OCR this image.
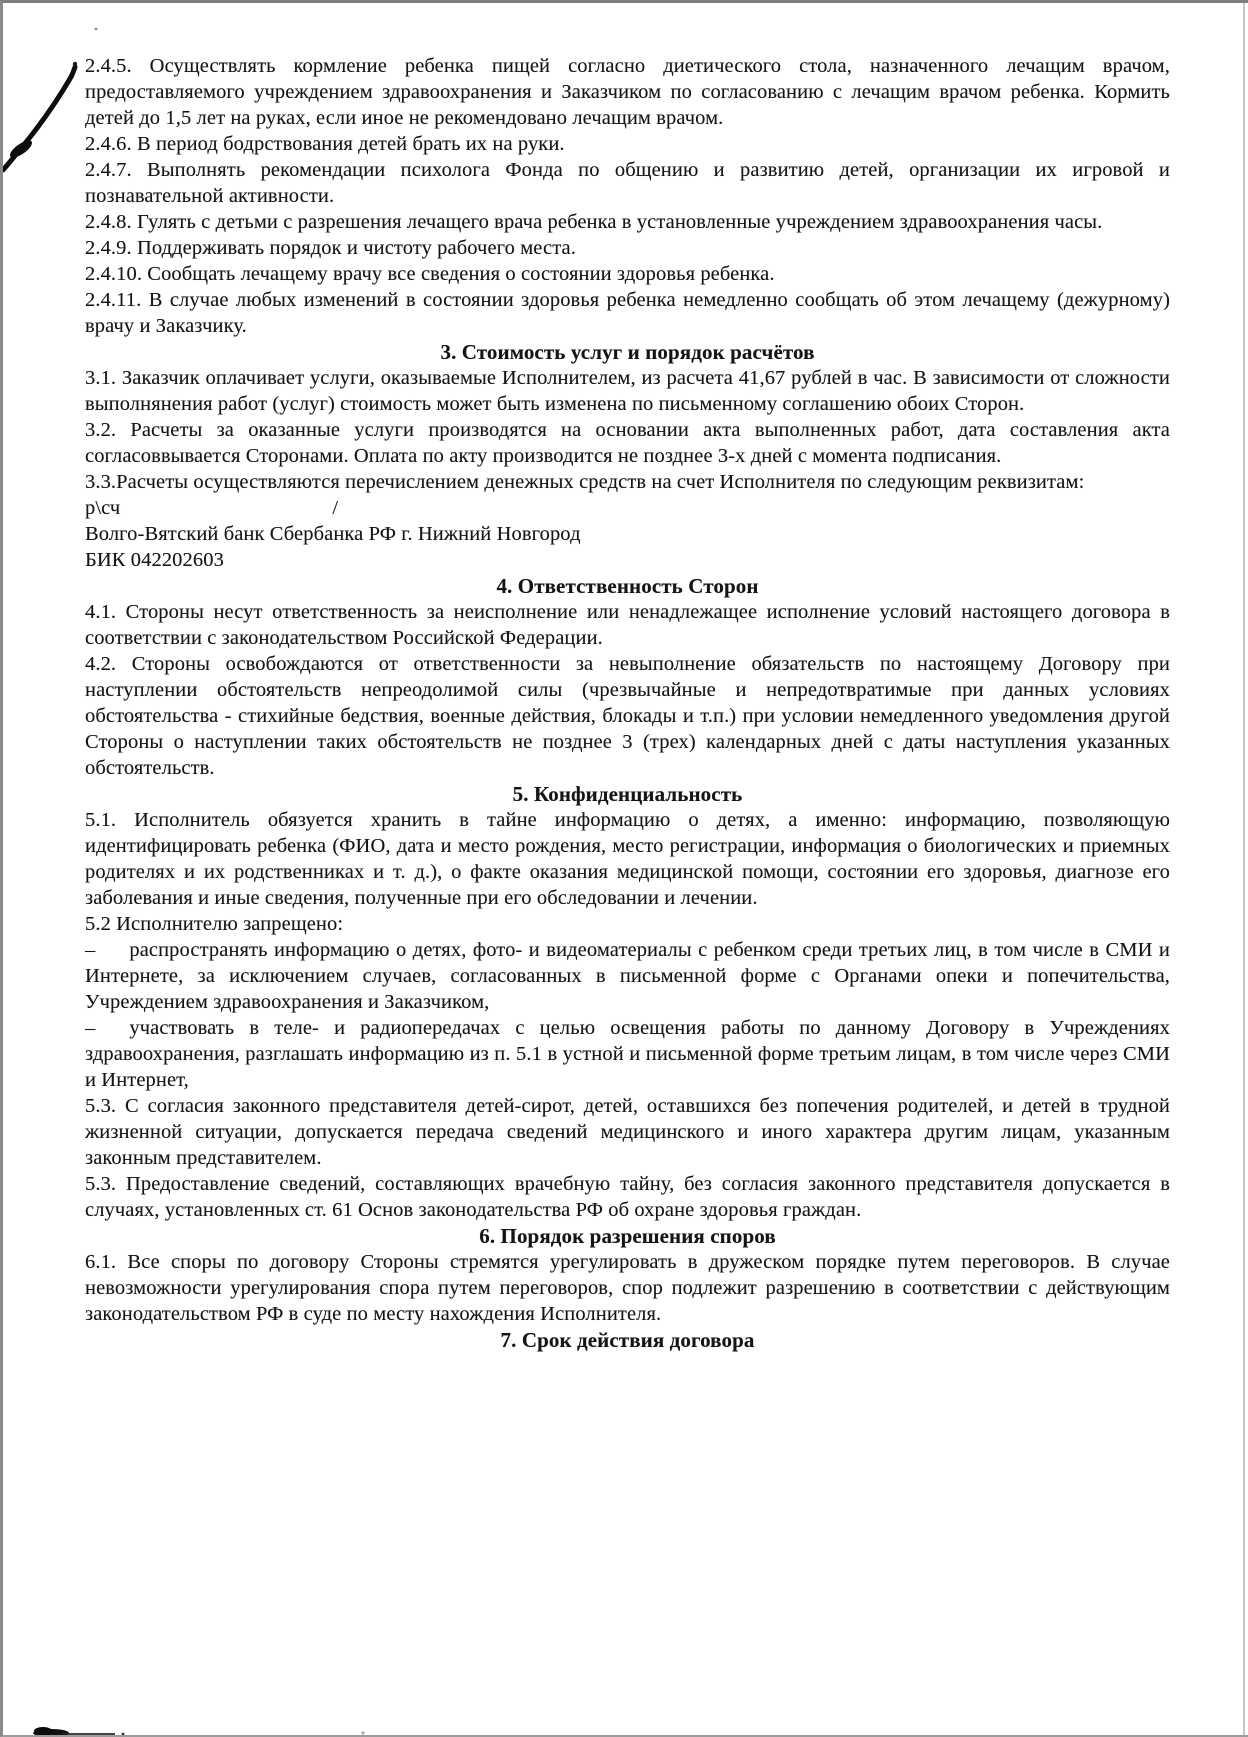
2.4.5. Осуществлять кормление ребенка пищей согласно диетического стола, назначенного лечащим врачом, предоставляемого учреждением здравоохранения и Заказчиком по согласованию с лечащим врачом ребенка. Кормить детей до 1,5 лет на руках, если иное не рекомендовано лечащим врачом.

2.4.6. В период бодрствования детей брать их на руки.

2.4.7. Выполнять рекомендации психолога Фонда по общению и развитию детей, организации их игровой и познавательной активности.

2.4.8. Гулять с детьми с разрешения лечащего врача ребенка в установленные учреждением здравоохранения часы.

2.4.9. Поддерживать порядок и чистоту рабочего места.

2.4.10. Сообщать лечащему врачу все сведения о состоянии здоровья ребенка.

2.4.11. В случае любых изменений в состоянии здоровья ребенка немедленно сообщать об этом лечащему (дежурному) врачу и Заказчику.

3. Стоимость услуг и порядок расчётов

3.1. Заказчик оплачивает услуги, оказываемые Исполнителем, из расчета 41,67 рублей в час. В зависимости от сложности выполнянения работ (услуг) стоимость может быть изменена по письменному соглашению обоих Сторон.

3.2. Расчеты за оказанные услуги производятся на основании акта выполненных работ, дата составления акта согласоввывается Сторонами. Оплата по акту производится не позднее 3-х дней с момента подписания.

3.3.Расчеты осуществляются перечислением денежных средств на счет Исполнителя по следующим реквизитам:

р\сч	/

Волго-Вятский банк Сбербанка РФ г. Нижний Новгород

БИК 042202603

4. Ответственность Сторон

4.1. Стороны несут ответственность за неисполнение или ненадлежащее исполнение условий настоящего договора в соответствии с законодательством Российской Федерации.

4.2. Стороны освобождаются от ответственности за невыполнение обязательств по настоящему Договору при наступлении обстоятельств непреодолимой силы (чрезвычайные и непредотвратимые при данных условиях обстоятельства - стихийные бедствия, военные действия, блокады и т.п.) при условии немедленного уведомления другой Стороны о наступлении таких обстоятельств не позднее 3 (трех) календарных дней с даты наступления указанных обстоятельств.

5. Конфиденциальность

5.1. Исполнитель обязуется хранить в тайне информацию о детях, а именно: информацию, позволяющую идентифицировать ребенка (ФИО, дата и место рождения, место регистрации, информация о биологических и приемных родителях и их родственниках и т. д.), о факте оказания медицинской помощи, состоянии его здоровья, диагнозе его заболевания и иные сведения, полученные при его обследовании и лечении.

5.2 Исполнителю запрещено:

– распространять информацию о детях, фото- и видеоматериалы с ребенком среди третьих лиц, в том числе в СМИ и Интернете, за исключением случаев, согласованных в письменной форме с Органами опеки и попечительства, Учреждением здравоохранения и Заказчиком,

– участвовать в теле- и радиопередачах с целью освещения работы по данному Договору в Учреждениях здравоохранения, разглашать информацию из п. 5.1 в устной и письменной форме третьим лицам, в том числе через СМИ и Интернет,

5.3. С согласия законного представителя детей-сирот, детей, оставшихся без попечения родителей, и детей в трудной жизненной ситуации, допускается передача сведений медицинского и иного характера другим лицам, указанным законным представителем.

5.3. Предоставление сведений, составляющих врачебную тайну, без согласия законного представителя допускается в случаях, установленных ст. 61 Основ законодательства РФ об охране здоровья граждан.

6. Порядок разрешения споров

6.1. Все споры по договору Стороны стремятся урегулировать в дружеском порядке путем переговоров. В случае невозможности урегулирования спора путем переговоров, спор подлежит разрешению в соответствии с действующим законодательством РФ в суде по месту нахождения Исполнителя.

7. Срок действия договора
